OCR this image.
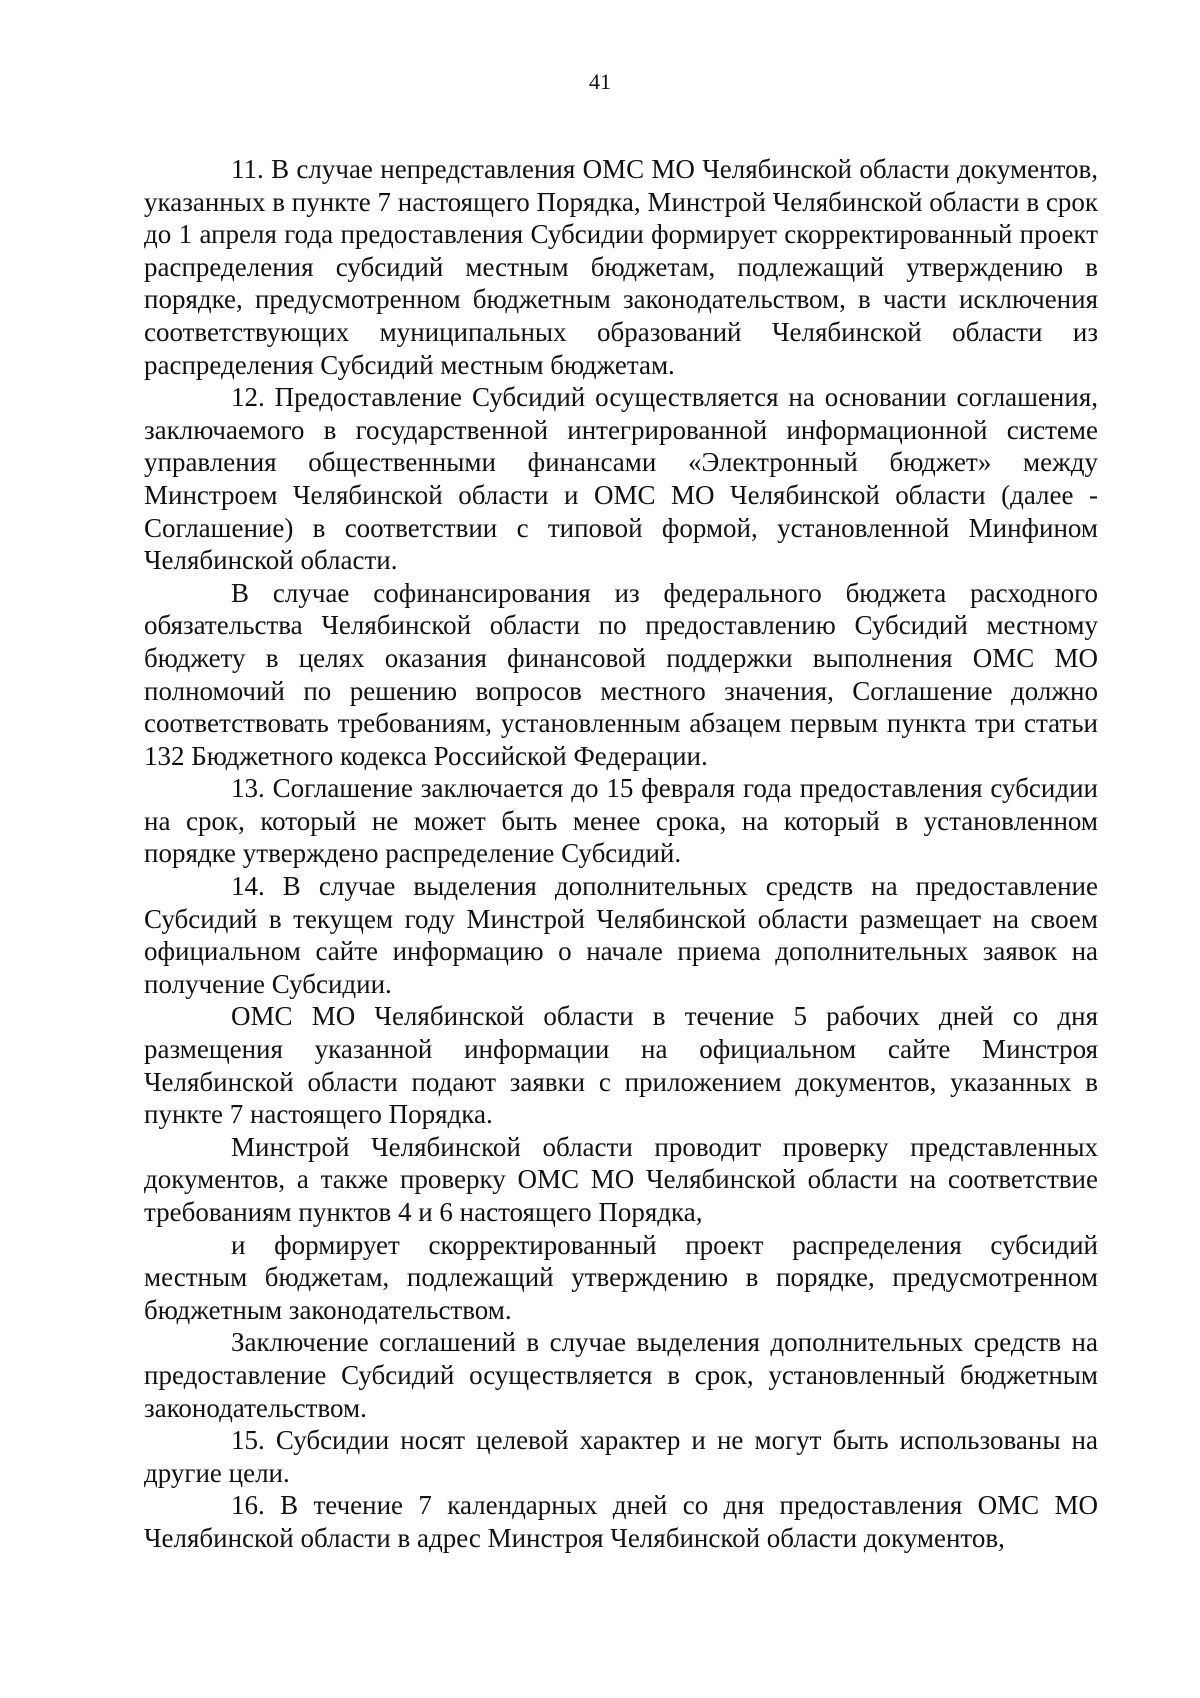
41

11. В случае непредставления ОМС МО Челябинской области документов, указанных в пункте 7 настоящего Порядка, Минстрой Челябинской области в срок до 1 апреля года предоставления Субсидии формирует скорректированный проект распределения субсидий местным бюджетам, подлежащий утверждению в порядке, предусмотренном бюджетным законодательством, в части исключения соответствующих муниципальных образований Челябинской области из распределения Субсидий местным бюджетам.

12. Предоставление Субсидий осуществляется на основании соглашения, заключаемого в государственной интегрированной информационной системе управления общественными финансами «Электронный бюджет» между Минстроем Челябинской области и ОМС МО Челябинской области (далее - Соглашение) в соответствии с типовой формой, установленной Минфином Челябинской области.

В случае софинансирования из федерального бюджета расходного обязательства Челябинской области по предоставлению Субсидий местному бюджету в целях оказания финансовой поддержки выполнения ОМС МО полномочий по решению вопросов местного значения, Соглашение должно соответствовать требованиям, установленным абзацем первым пункта три статьи 132 Бюджетного кодекса Российской Федерации.

13. Соглашение заключается до 15 февраля года предоставления субсидии на срок, который не может быть менее срока, на который в установленном порядке утверждено распределение Субсидий.

14. В случае выделения дополнительных средств на предоставление Субсидий в текущем году Минстрой Челябинской области размещает на своем официальном сайте информацию о начале приема дополнительных заявок на получение Субсидии.

ОМС МО Челябинской области в течение 5 рабочих дней со дня размещения указанной информации на официальном сайте Минстроя Челябинской области подают заявки с приложением документов, указанных в пункте 7 настоящего Порядка.

Минстрой Челябинской области проводит проверку представленных документов, а также проверку ОМС МО Челябинской области на соответствие требованиям пунктов 4 и 6 настоящего Порядка,

и формирует скорректированный проект распределения субсидий местным бюджетам, подлежащий утверждению в порядке, предусмотренном бюджетным законодательством.

Заключение соглашений в случае выделения дополнительных средств на предоставление Субсидий осуществляется в срок, установленный бюджетным законодательством.

15. Субсидии носят целевой характер и не могут быть использованы на другие цели.

16. В течение 7 календарных дней со дня предоставления ОМС МО Челябинской области в адрес Минстроя Челябинской области документов,
